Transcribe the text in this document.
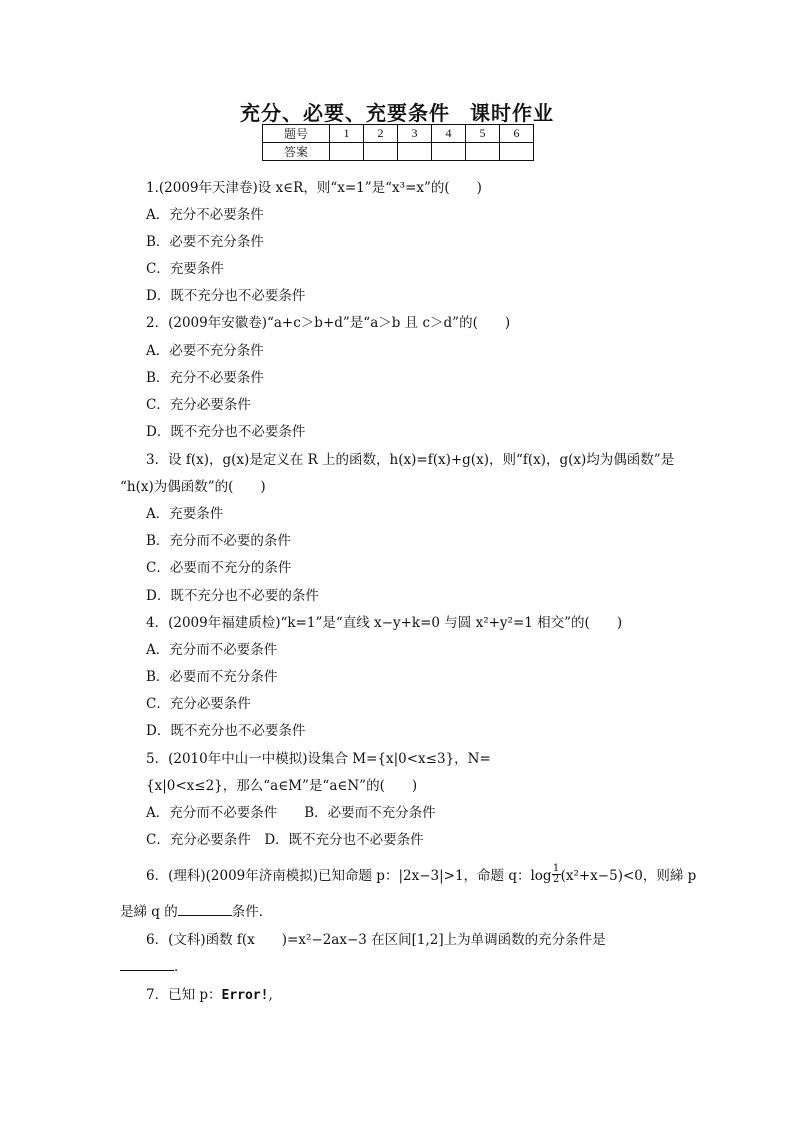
充分、必要、充要条件 课时作业
题号	1	2	3	4	5	6
答案						
1.(2009年天津卷)设 x∈R，则“x=1”是“x³=x”的(　　)
A．充分不必要条件
B．必要不充分条件
C．充要条件
D．既不充分也不必要条件
2．(2009年安徽卷)“a+c＞b+d”是“a＞b 且 c＞d”的(　　)
A．必要不充分条件
B．充分不必要条件
C．充分必要条件
D．既不充分也不必要条件
3．设 f(x)，g(x)是定义在 R 上的函数，h(x)=f(x)+g(x)，则“f(x)，g(x)均为偶函数”是
“h(x)为偶函数”的(　　)
A．充要条件
B．充分而不必要的条件
C．必要而不充分的条件
D．既不充分也不必要的条件
4．(2009年福建质检)“k=1”是“直线 x−y+k=0 与圆 x²+y²=1 相交”的(　　)
A．充分而不必要条件
B．必要而不充分条件
C．充分必要条件
D．既不充分也不必要条件
5．(2010年中山一中模拟)设集合 M={x|0<x≤3}，N=
{x|0<x≤2}，那么“a∈M”是“a∈N”的(　　)
A．充分而不必要条件　　B．必要而不充分条件
C．充分必要条件　D．既不充分也不必要条件
6．(理科)(2009年济南模拟)已知命题 p：|2x−3|>1，命题 q：log 1
2 (x²+x−5)<0，则綈 p
是綈 q 的	条件．
6．(文科)函数 f(x　　)=x²−2ax−3 在区间[1,2]上为单调函数的充分条件是
．
7．已知 p：Error!,
